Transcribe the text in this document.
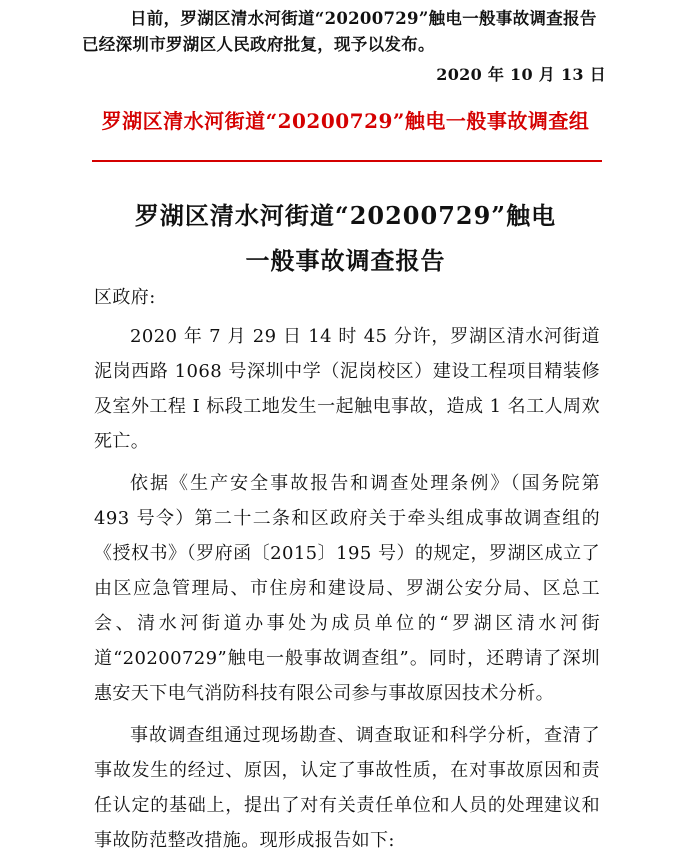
日前，罗湖区清水河街道“20200729”触电一般事故调查报告
已经深圳市罗湖区人民政府批复，现予以发布。
2020 年 10 月 13 日
罗湖区清水河街道“20200729”触电一般事故调查组
罗湖区清水河街道“20200729”触电
一般事故调查报告

区政府:

2020 年 7 月 29 日 14 时 45 分许，罗湖区清水河街道泥岗西路 1068 号深圳中学（泥岗校区）建设工程项目精装修及室外工程 I 标段工地发生一起触电事故，造成 1 名工人周欢死亡。

依据《生产安全事故报告和调查处理条例》（国务院第 493 号令）第二十二条和区政府关于牵头组成事故调查组的《授权书》（罗府函〔2015〕195 号）的规定，罗湖区成立了由区应急管理局、市住房和建设局、罗湖公安分局、区总工会、清水河街道办事处为成员单位的“罗湖区清水河街道“20200729”触电一般事故调查组”。同时，还聘请了深圳惠安天下电气消防科技有限公司参与事故原因技术分析。

事故调查组通过现场勘查、调查取证和科学分析，查清了事故发生的经过、原因，认定了事故性质，在对事故原因和责任认定的基础上，提出了对有关责任单位和人员的处理建议和事故防范整改措施。现形成报告如下:
